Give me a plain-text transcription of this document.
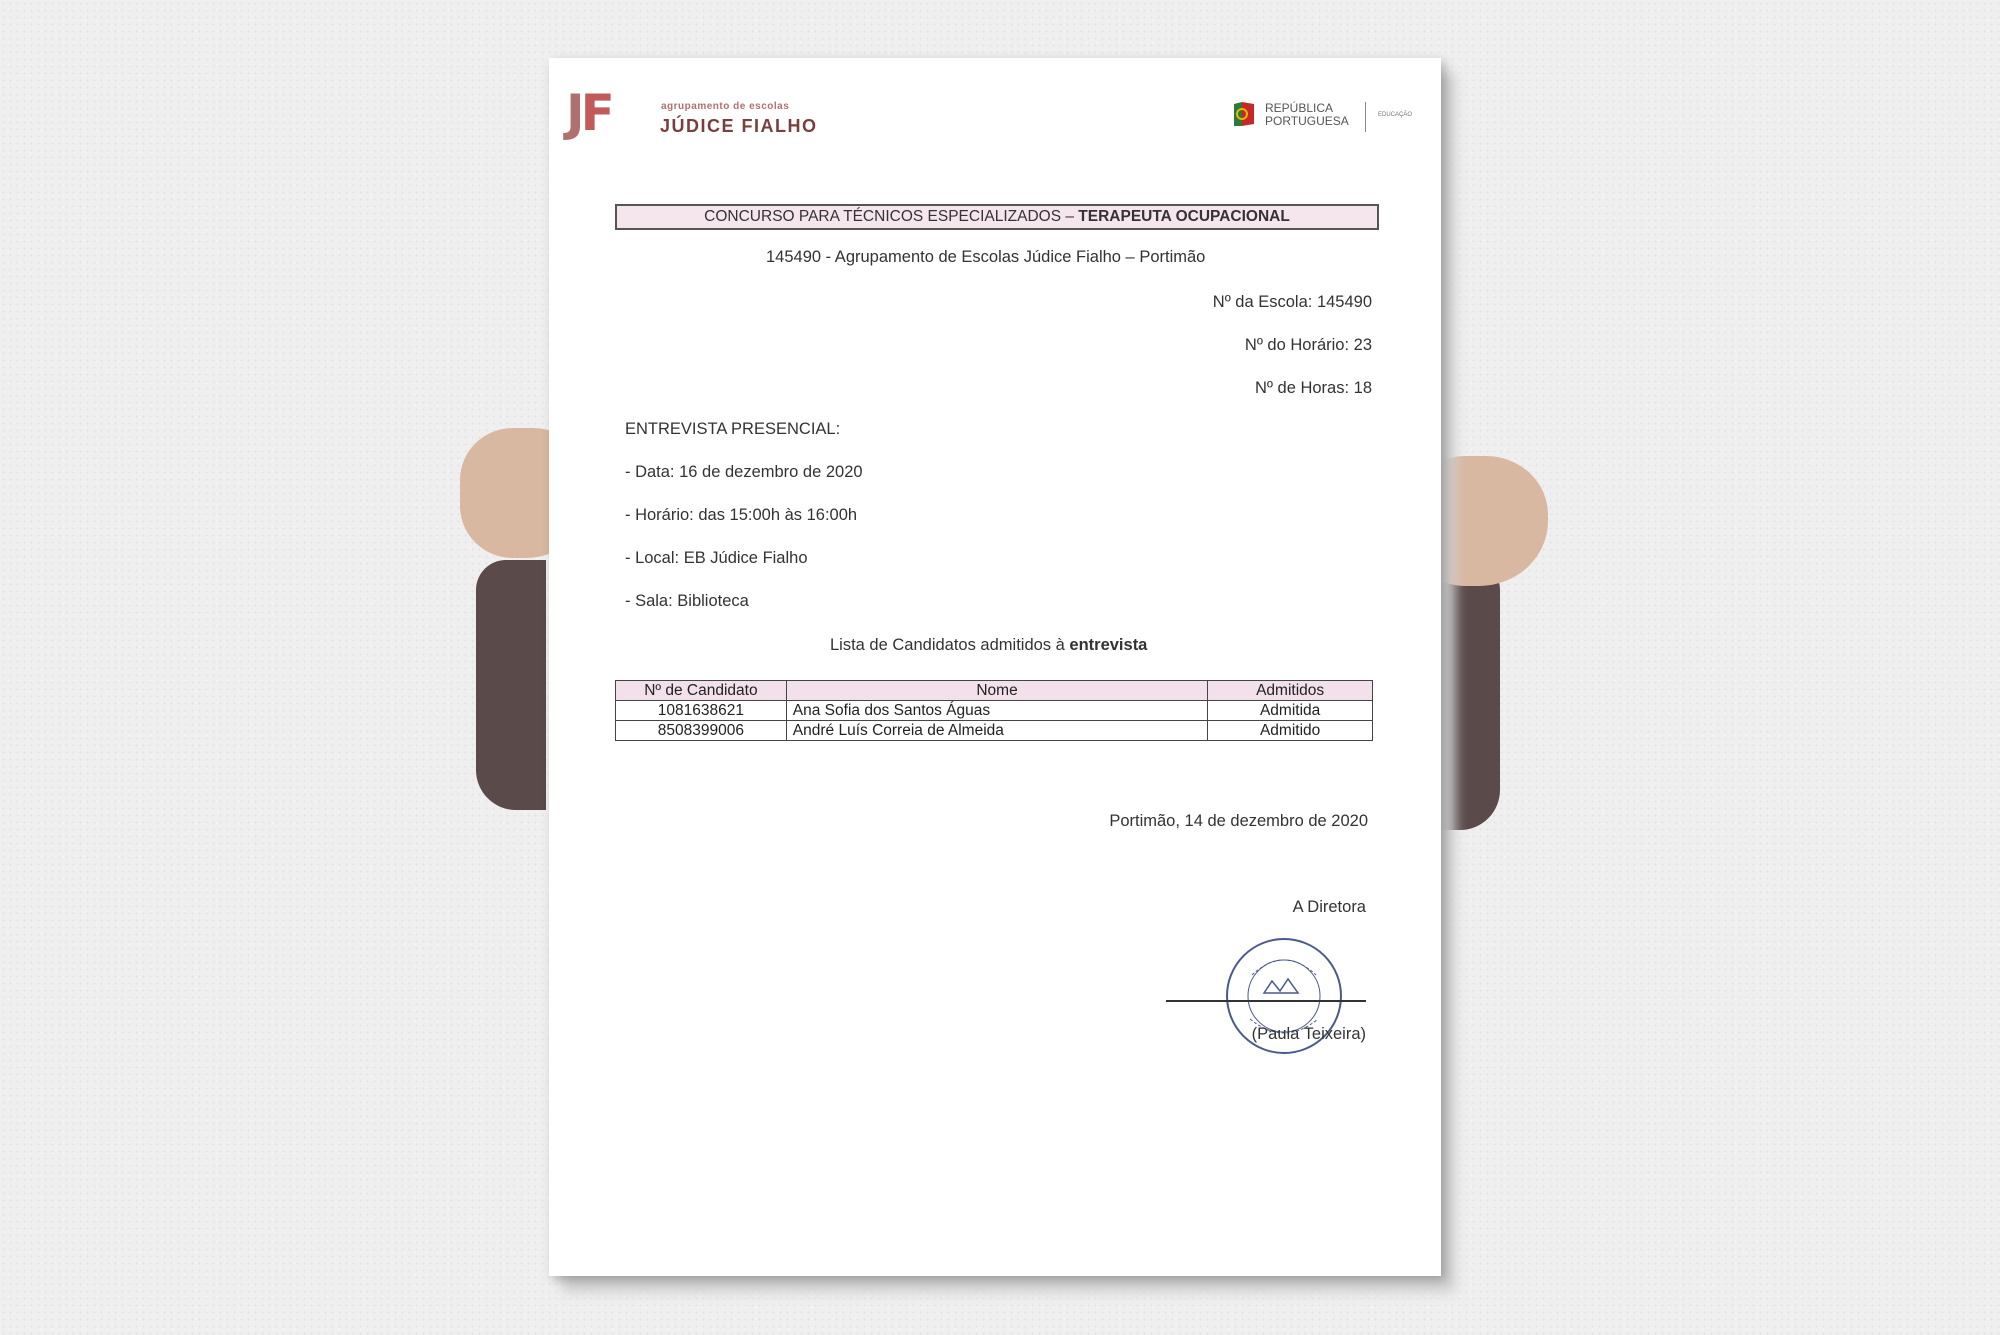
JF	agrupamento de escolas
JÚDICE FIALHO
REPÚBLICA
PORTUGUESA	EDUCAÇÃO
CONCURSO PARA TÉCNICOS ESPECIALIZADOS – TERAPEUTA OCUPACIONAL
145490 - Agrupamento de Escolas Júdice Fialho – Portimão
Nº da Escola: 145490
Nº do Horário: 23
Nº de Horas: 18
ENTREVISTA PRESENCIAL:
- Data: 16 de dezembro de 2020
- Horário: das 15:00h às 16:00h
- Local: EB Júdice Fialho
- Sala: Biblioteca
Lista de Candidatos admitidos à entrevista
Nº de Candidato	Nome	Admitidos
1081638621	Ana Sofia dos Santos Águas	Admitida
8508399006	André Luís Correia de Almeida	Admitido
Portimão, 14 de dezembro de 2020
A Diretora
(Paula Teixeira)
